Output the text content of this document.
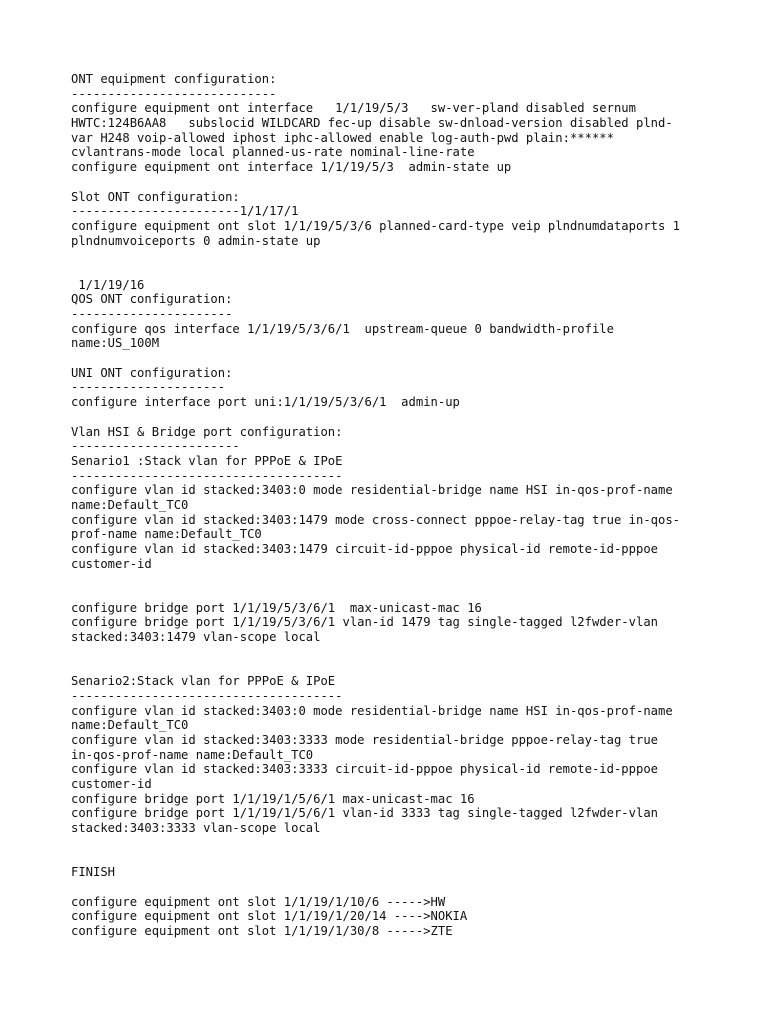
ONT equipment configuration:
----------------------------
configure equipment ont interface   1/1/19/5/3   sw-ver-pland disabled sernum
HWTC:124B6AA8   subslocid WILDCARD fec-up disable sw-dnload-version disabled plnd-
var H248 voip-allowed iphost iphc-allowed enable log-auth-pwd plain:******
cvlantrans-mode local planned-us-rate nominal-line-rate
configure equipment ont interface 1/1/19/5/3  admin-state up
Slot ONT configuration:
-----------------------1/1/17/1
configure equipment ont slot 1/1/19/5/3/6 planned-card-type veip plndnumdataports 1
plndnumvoiceports 0 admin-state up
1/1/19/16
QOS ONT configuration:
----------------------
configure qos interface 1/1/19/5/3/6/1  upstream-queue 0 bandwidth-profile
name:US_100M
UNI ONT configuration:
---------------------
configure interface port uni:1/1/19/5/3/6/1  admin-up
Vlan HSI & Bridge port configuration:
-----------------------
Senario1 :Stack vlan for PPPoE & IPoE
-------------------------------------
configure vlan id stacked:3403:0 mode residential-bridge name HSI in-qos-prof-name
name:Default_TC0
configure vlan id stacked:3403:1479 mode cross-connect pppoe-relay-tag true in-qos-
prof-name name:Default_TC0
configure vlan id stacked:3403:1479 circuit-id-pppoe physical-id remote-id-pppoe
customer-id
configure bridge port 1/1/19/5/3/6/1  max-unicast-mac 16
configure bridge port 1/1/19/5/3/6/1 vlan-id 1479 tag single-tagged l2fwder-vlan
stacked:3403:1479 vlan-scope local
Senario2:Stack vlan for PPPoE & IPoE
-------------------------------------
configure vlan id stacked:3403:0 mode residential-bridge name HSI in-qos-prof-name
name:Default_TC0
configure vlan id stacked:3403:3333 mode residential-bridge pppoe-relay-tag true
in-qos-prof-name name:Default_TC0
configure vlan id stacked:3403:3333 circuit-id-pppoe physical-id remote-id-pppoe
customer-id
configure bridge port 1/1/19/1/5/6/1 max-unicast-mac 16
configure bridge port 1/1/19/1/5/6/1 vlan-id 3333 tag single-tagged l2fwder-vlan
stacked:3403:3333 vlan-scope local
FINISH
configure equipment ont slot 1/1/19/1/10/6 ----->HW
configure equipment ont slot 1/1/19/1/20/14 ---->NOKIA
configure equipment ont slot 1/1/19/1/30/8 ----->ZTE
